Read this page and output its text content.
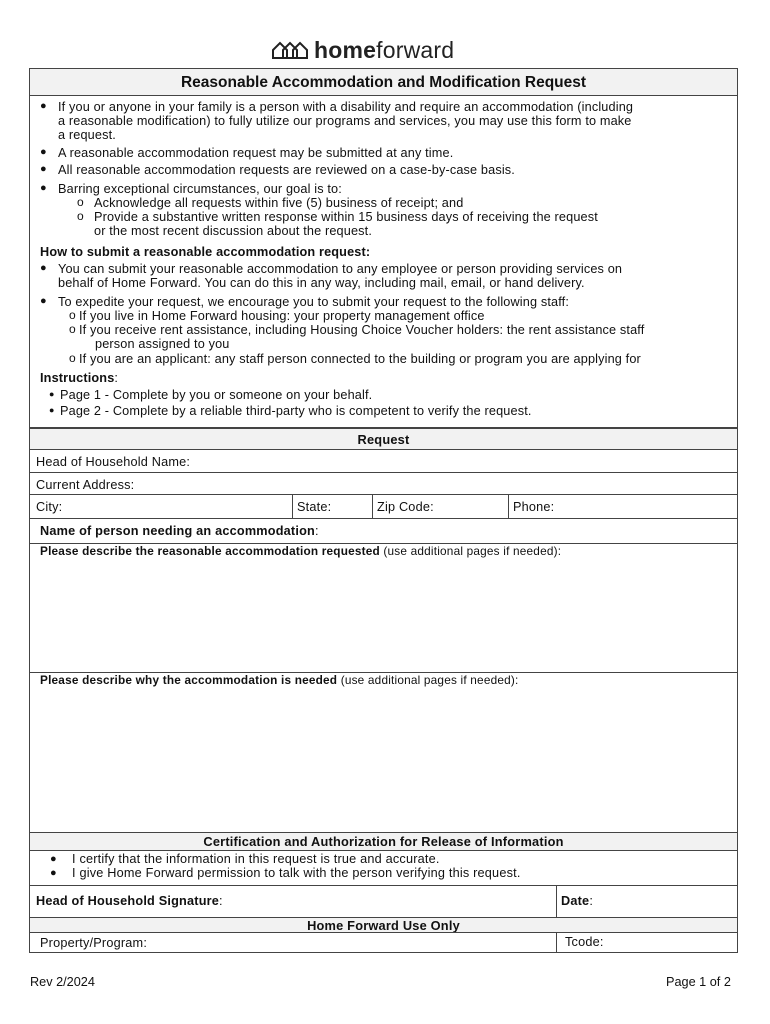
homeforward
Reasonable Accommodation and Modification Request
● If you or anyone in your family is a person with a disability and require an accommodation (including
a reasonable modification) to fully utilize our programs and services, you may use this form to make
a request.
● A reasonable accommodation request may be submitted at any time.
● All reasonable accommodation requests are reviewed on a case-by-case basis.
● Barring exceptional circumstances, our goal is to:
o Acknowledge all requests within five (5) business of receipt; and
o Provide a substantive written response within 15 business days of receiving the request
or the most recent discussion about the request.
How to submit a reasonable accommodation request:
● You can submit your reasonable accommodation to any employee or person providing services on
behalf of Home Forward. You can do this in any way, including mail, email, or hand delivery.
● To expedite your request, we encourage you to submit your request to the following staff:
o If you live in Home Forward housing: your property management office
o If you receive rent assistance, including Housing Choice Voucher holders: the rent assistance staff
person assigned to you
o If you are an applicant: any staff person connected to the building or program you are applying for
Instructions:
● Page 1 - Complete by you or someone on your behalf.
● Page 2 - Complete by a reliable third-party who is competent to verify the request.
Request
Head of Household Name:
Current Address:
City:	State:	Zip Code:	Phone:
Name of person needing an accommodation:
Please describe the reasonable accommodation requested (use additional pages if needed):
Please describe why the accommodation is needed (use additional pages if needed):
Certification and Authorization for Release of Information
● I certify that the information in this request is true and accurate.
● I give Home Forward permission to talk with the person verifying this request.
Head of Household Signature:	Date:
Home Forward Use Only
Property/Program:	Tcode:
Rev 2/2024	Page 1 of 2
